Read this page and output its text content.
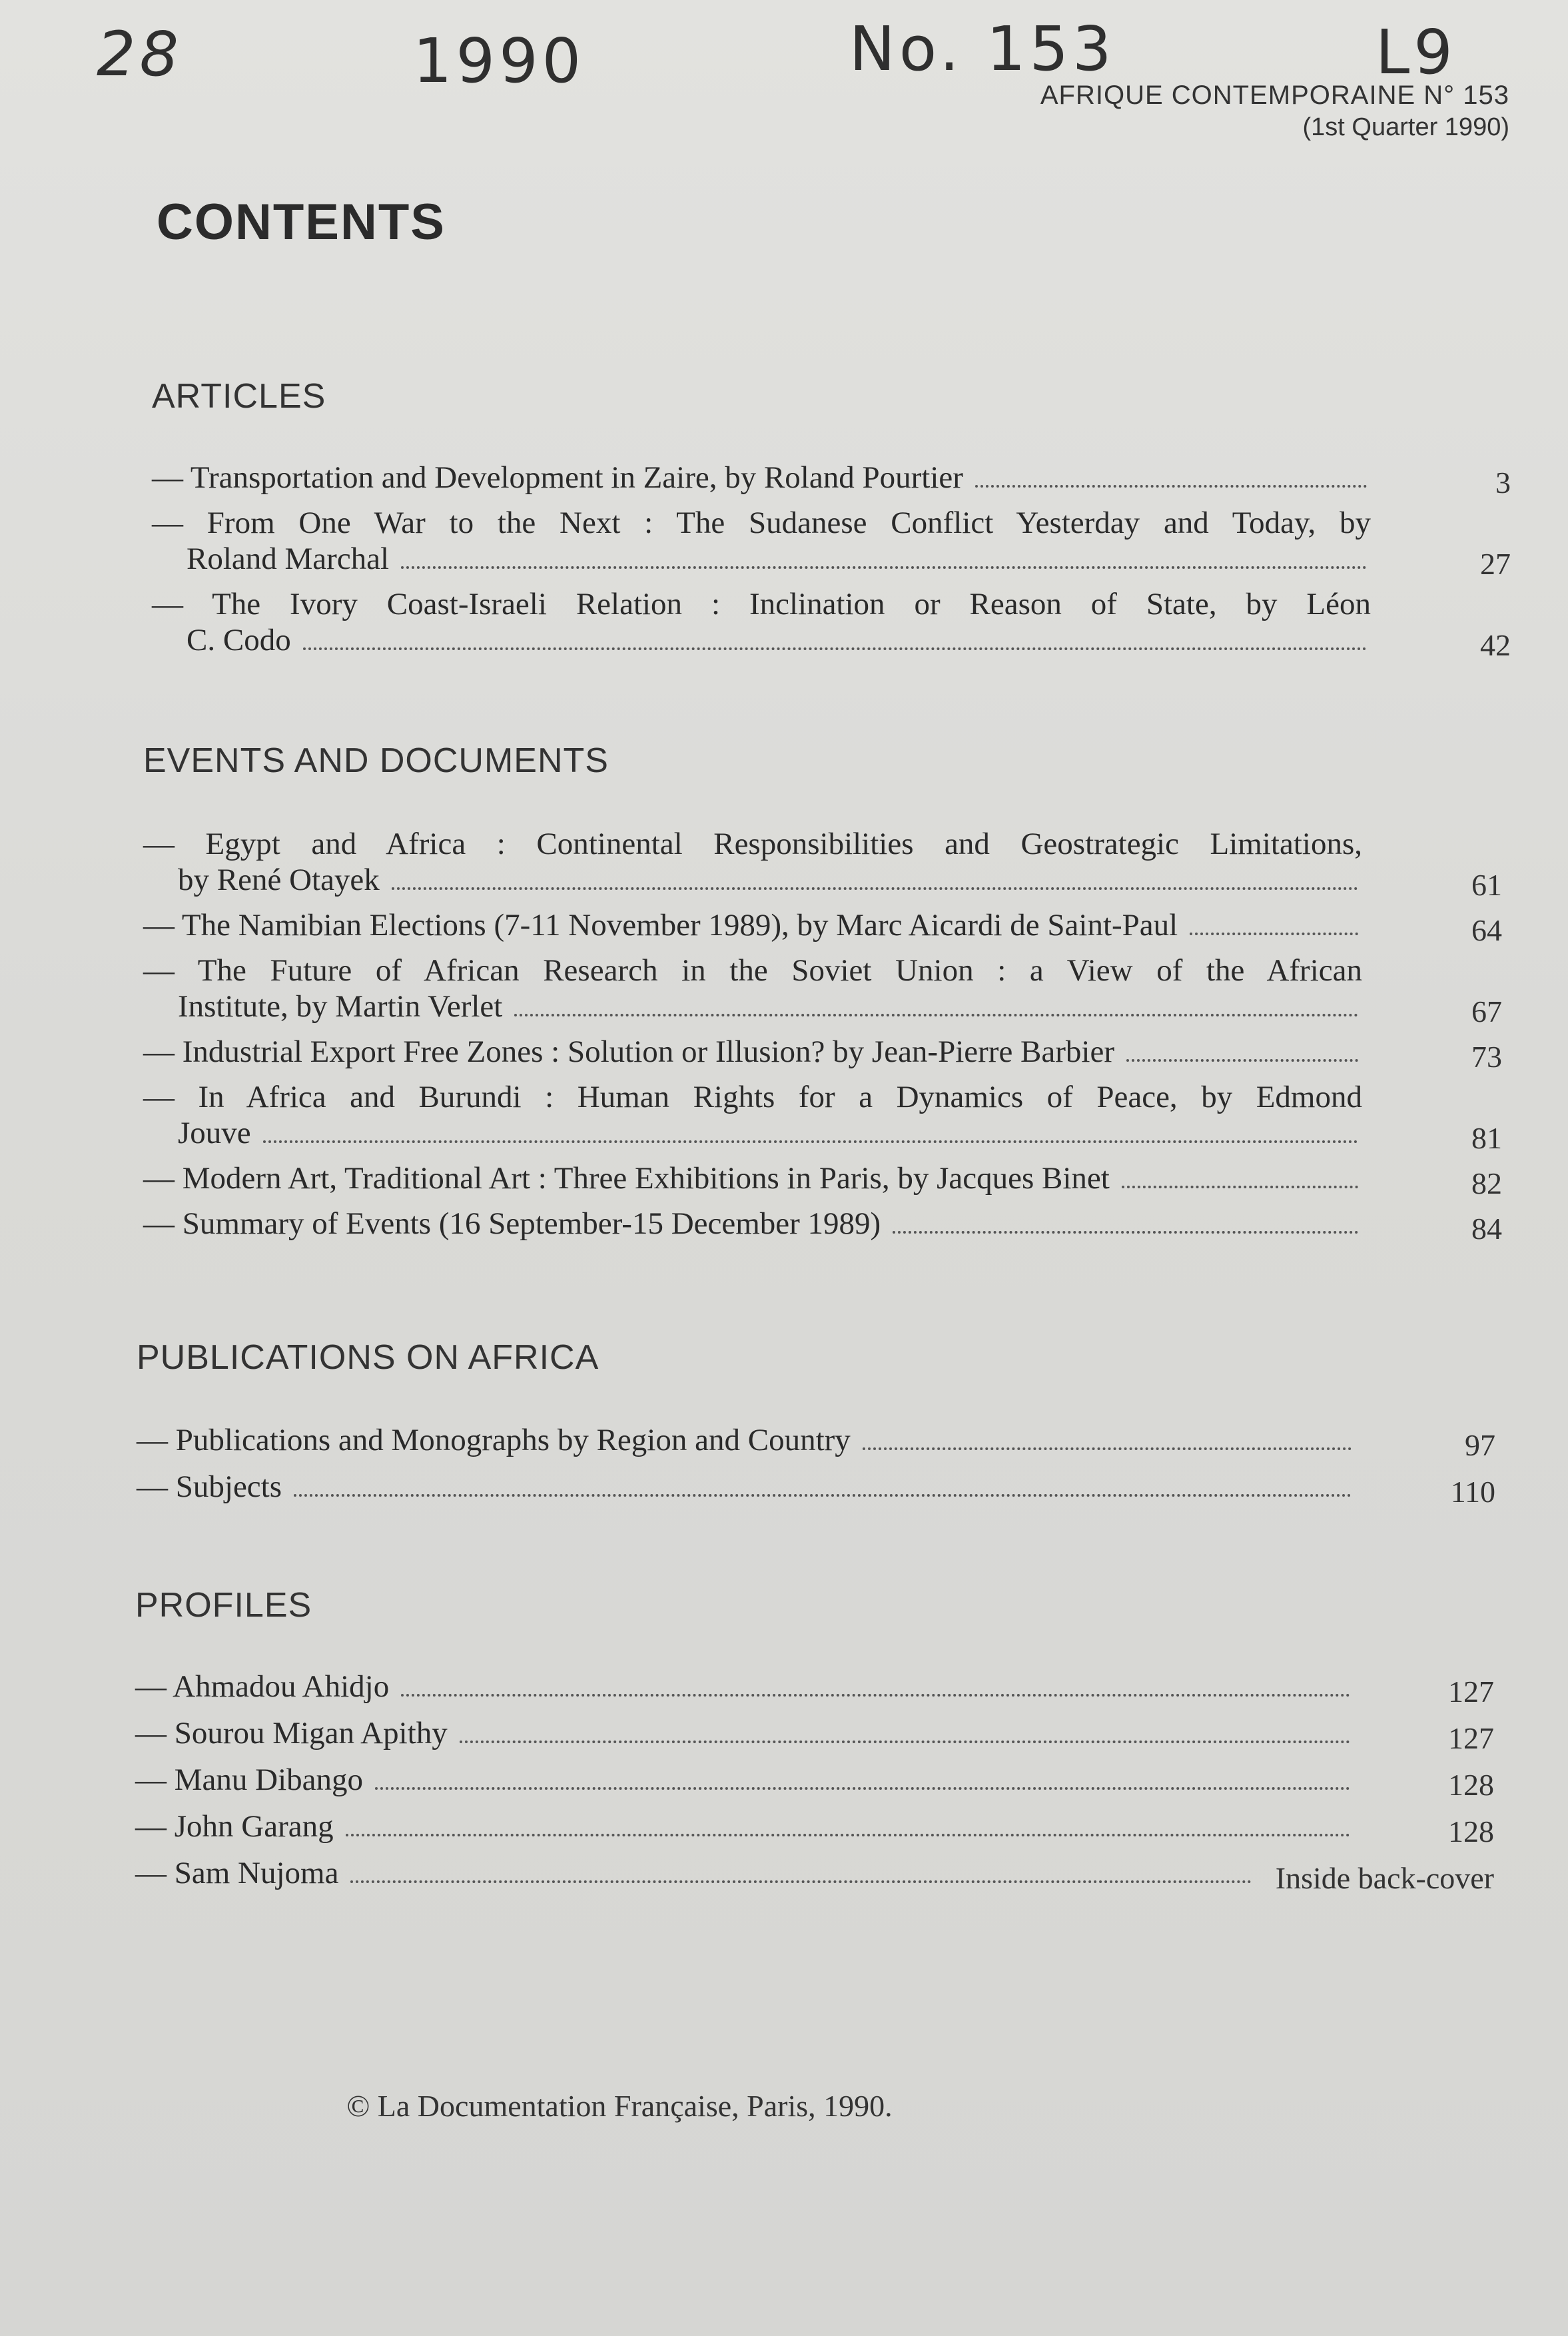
28	1990	No. 153	L9
AFRIQUE CONTEMPORAINE N° 153
(1st Quarter 1990)
CONTENTS
ARTICLES
— Transportation and Development in Zaire, by Roland Pourtier	3
— From One War to the Next : The Sudanese Conflict Yesterday and Today, by
Roland Marchal	27
— The Ivory Coast-Israeli Relation : Inclination or Reason of State, by Léon
C. Codo	42
EVENTS AND DOCUMENTS
— Egypt and Africa : Continental Responsibilities and Geostrategic Limitations,
by René Otayek	61
— The Namibian Elections (7-11 November 1989), by Marc Aicardi de Saint-Paul	64
— The Future of African Research in the Soviet Union : a View of the African
Institute, by Martin Verlet	67
— Industrial Export Free Zones : Solution or Illusion? by Jean-Pierre Barbier	73
— In Africa and Burundi : Human Rights for a Dynamics of Peace, by Edmond
Jouve	81
— Modern Art, Traditional Art : Three Exhibitions in Paris, by Jacques Binet	82
— Summary of Events (16 September-15 December 1989)	84
PUBLICATIONS ON AFRICA
— Publications and Monographs by Region and Country	97
— Subjects	110
PROFILES
— Ahmadou Ahidjo	127
— Sourou Migan Apithy	127
— Manu Dibango	128
— John Garang	128
— Sam Nujoma	Inside back-cover
© La Documentation Française, Paris, 1990.
